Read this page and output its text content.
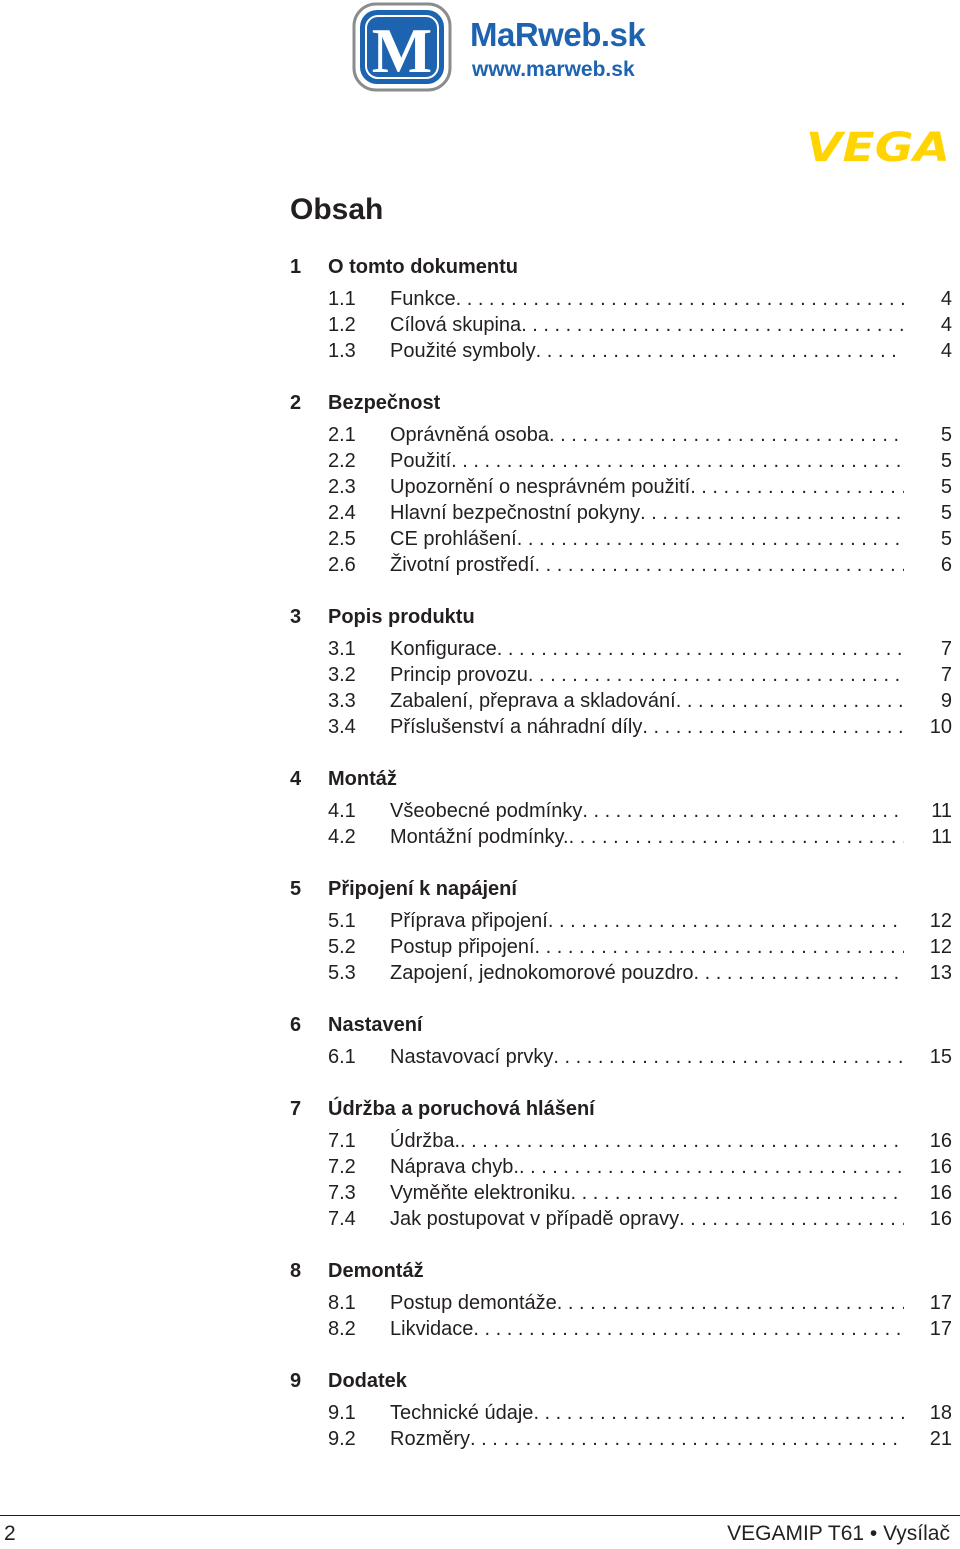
M MaRweb.sk
www.marweb.sk
VEGA
Obsah
1	O tomto dokumentu
1.1	Funkce . . .	4
1.2	Cílová skupina . . .	4
1.3	Použité symboly . . .	4
2	Bezpečnost
2.1	Oprávněná osoba . . .	5
2.2	Použití . . .	5
2.3	Upozornění o nesprávném použití . . .	5
2.4	Hlavní bezpečnostní pokyny . . .	5
2.5	CE prohlášení . . .	5
2.6	Životní prostředí . . .	6
3	Popis produktu
3.1	Konfigurace . . .	7
3.2	Princip provozu . . .	7
3.3	Zabalení, přeprava a skladování . . .	9
3.4	Příslušenství a náhradní díly . . .	10
4	Montáž
4.1	Všeobecné podmínky . . .	11
4.2	Montážní podmínky. . . .	11
5	Připojení k napájení
5.1	Příprava připojení . . .	12
5.2	Postup připojení . . .	12
5.3	Zapojení, jednokomorové pouzdro . . .	13
6	Nastavení
6.1	Nastavovací prvky . . .	15
7	Údržba a poruchová hlášení
7.1	Údržba. . . .	16
7.2	Náprava chyb. . . .	16
7.3	Vyměňte elektroniku . . .	16
7.4	Jak postupovat v případě opravy . . .	16
8	Demontáž
8.1	Postup demontáže . . .	17
8.2	Likvidace . . .	17
9	Dodatek
9.1	Technické údaje . . .	18
9.2	Rozměry . . .	21
2	VEGAMIP T61 • Vysílač
